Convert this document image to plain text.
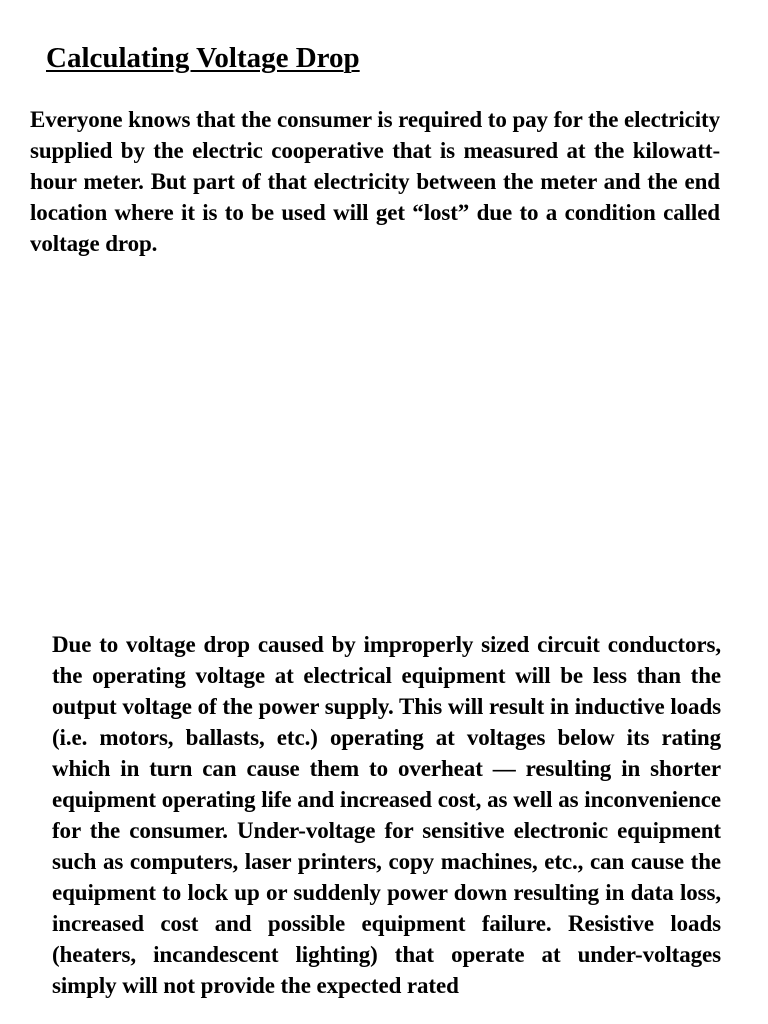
Calculating Voltage Drop

Everyone knows that the consumer is required to pay for the electricity supplied by the electric cooperative that is measured at the kilowatt-hour meter. But part of that electricity between the meter and the end location where it is to be used will get “lost” due to a condition called voltage drop.

Due to voltage drop caused by improperly sized circuit conductors, the operating voltage at electrical equipment will be less than the output voltage of the power supply. This will result in inductive loads (i.e. motors, ballasts, etc.) operating at voltages below its rating which in turn can cause them to overheat — resulting in shorter equipment operating life and increased cost, as well as inconvenience for the consumer. Under-voltage for sensitive electronic equipment such as computers, laser printers, copy machines, etc., can cause the equipment to lock up or suddenly power down resulting in data loss, increased cost and possible equipment failure. Resistive loads (heaters, incandescent lighting) that operate at under-voltages simply will not provide the expected rated
